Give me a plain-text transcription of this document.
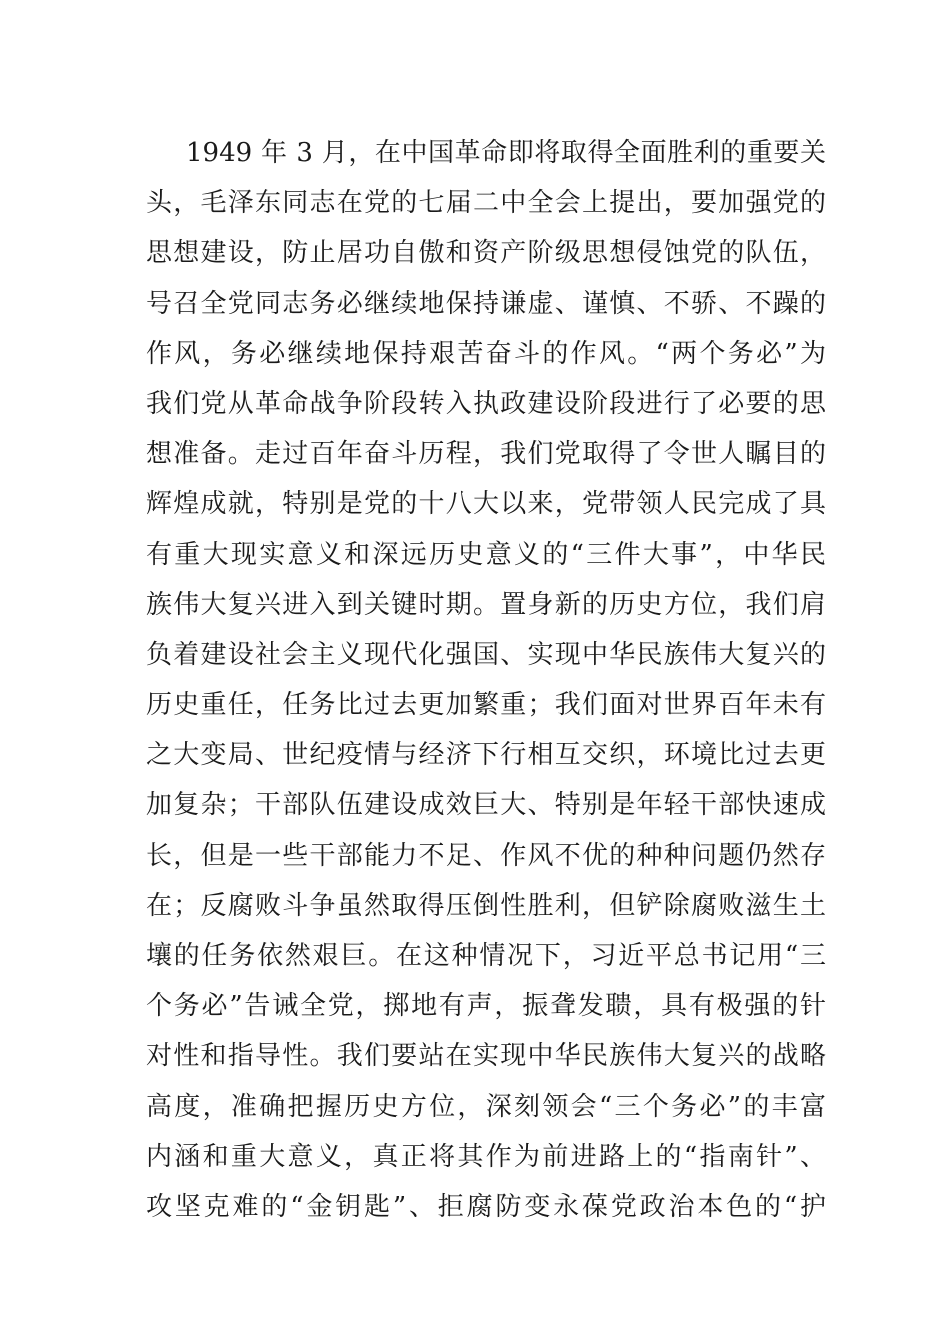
1949 年 3 月，在中国革命即将取得全面胜利的重要关
头，毛泽东同志在党的七届二中全会上提出，要加强党的
思想建设，防止居功自傲和资产阶级思想侵蚀党的队伍，
号召全党同志务必继续地保持谦虚、谨慎、不骄、不躁的
作风，务必继续地保持艰苦奋斗的作风。“两个务必”为
我们党从革命战争阶段转入执政建设阶段进行了必要的思
想准备。走过百年奋斗历程，我们党取得了令世人瞩目的
辉煌成就，特别是党的十八大以来，党带领人民完成了具
有重大现实意义和深远历史意义的“三件大事”，中华民
族伟大复兴进入到关键时期。置身新的历史方位，我们肩
负着建设社会主义现代化强国、实现中华民族伟大复兴的
历史重任，任务比过去更加繁重；我们面对世界百年未有
之大变局、世纪疫情与经济下行相互交织，环境比过去更
加复杂；干部队伍建设成效巨大、特别是年轻干部快速成
长，但是一些干部能力不足、作风不优的种种问题仍然存
在；反腐败斗争虽然取得压倒性胜利，但铲除腐败滋生土
壤的任务依然艰巨。在这种情况下，习近平总书记用“三
个务必”告诫全党，掷地有声，振聋发聩，具有极强的针
对性和指导性。我们要站在实现中华民族伟大复兴的战略
高度，准确把握历史方位，深刻领会“三个务必”的丰富
内涵和重大意义，真正将其作为前进路上的“指南针”、
攻坚克难的“金钥匙”、拒腐防变永葆党政治本色的“护
